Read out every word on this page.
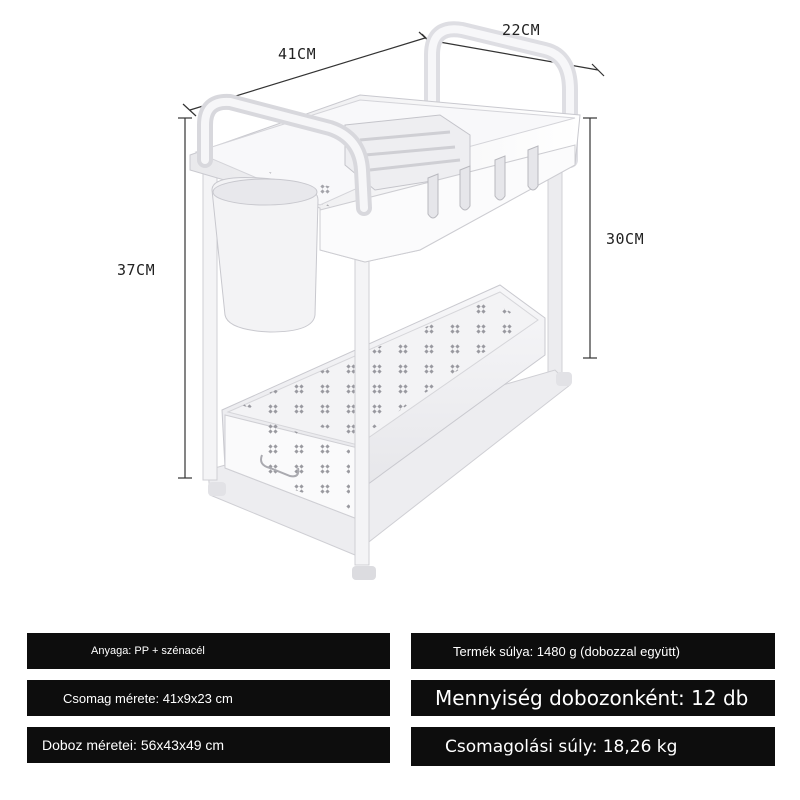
41CM
22CM
37CM
30CM
Anyaga: PP + szénacél	Termék súlya: 1480 g (dobozzal együtt)
Csomag mérete: 41x9x23 cm	Mennyiség dobozonként: 12 db
Doboz méretei: 56x43x49 cm	Csomagolási súly: 18,26 kg
